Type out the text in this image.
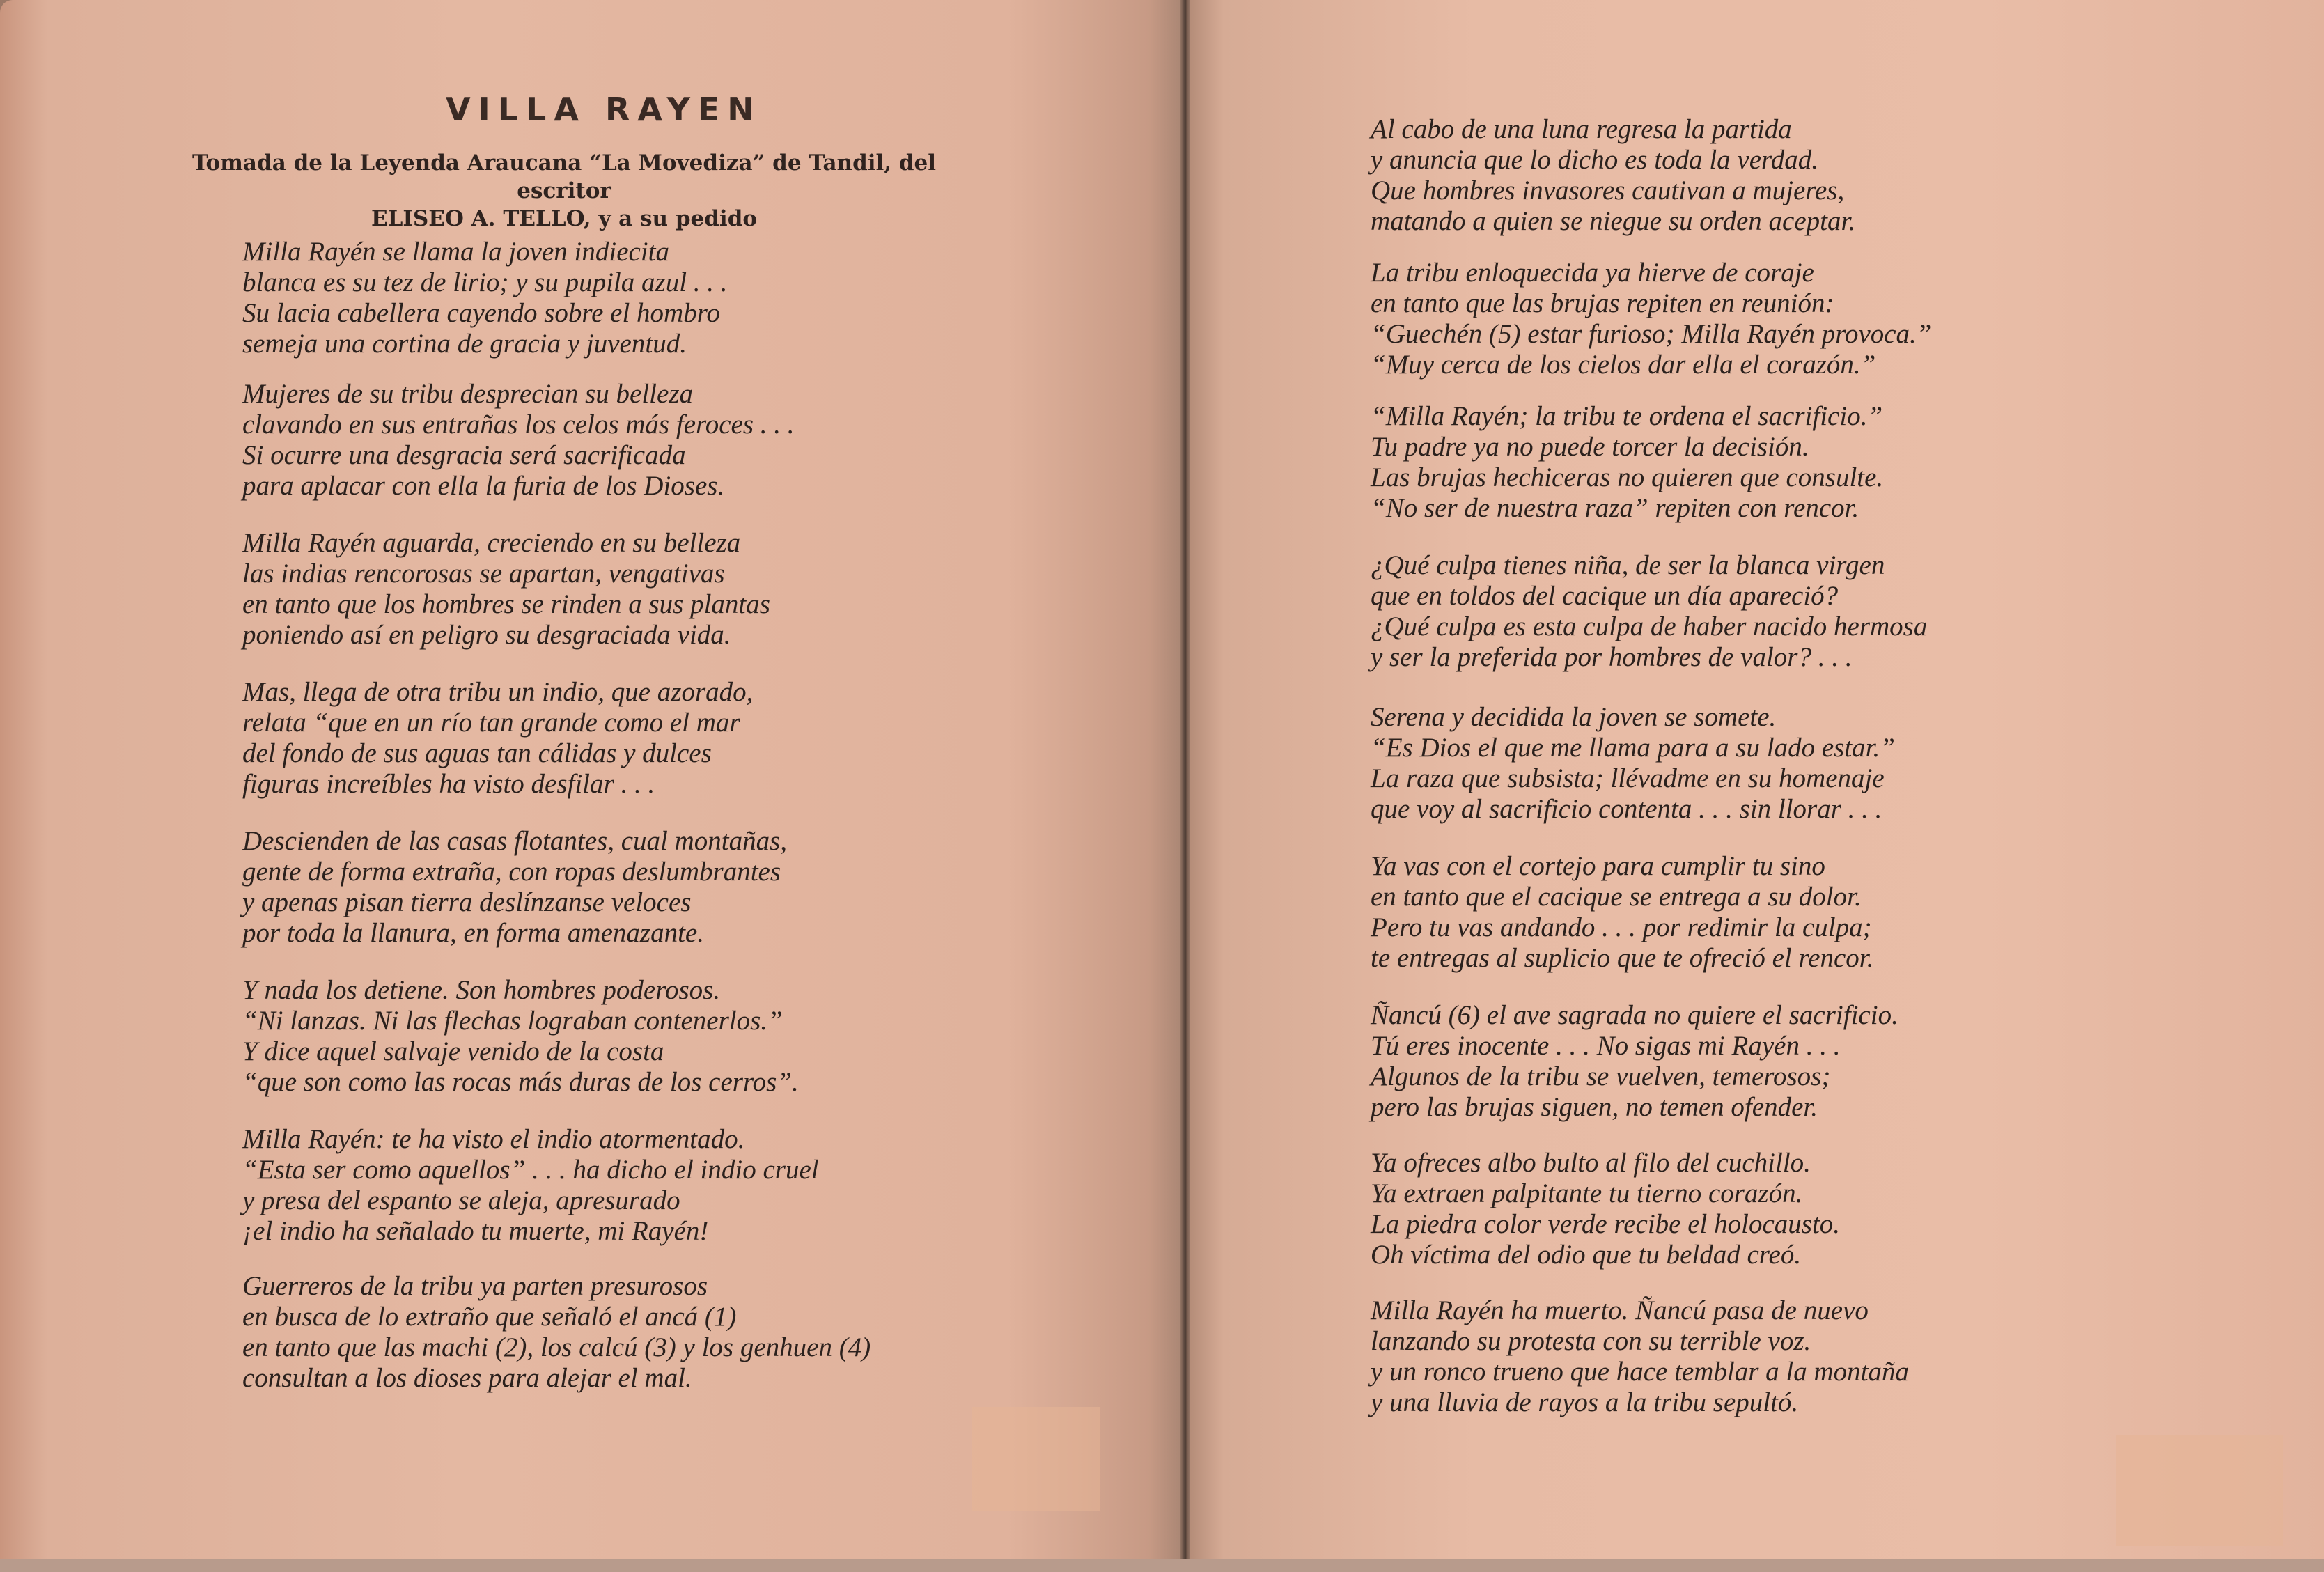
VILLA RAYEN
Tomada de la Leyenda Araucana “La Movediza” de Tandil, del escritor
ELISEO A. TELLO, y a su pedido
Milla Rayén se llama la joven indiecita
blanca es su tez de lirio; y su pupila azul . . .
Su lacia cabellera cayendo sobre el hombro
semeja una cortina de gracia y juventud.
Mujeres de su tribu desprecian su belleza
clavando en sus entrañas los celos más feroces . . .
Si ocurre una desgracia será sacrificada
para aplacar con ella la furia de los Dioses.
Milla Rayén aguarda, creciendo en su belleza
las indias rencorosas se apartan, vengativas
en tanto que los hombres se rinden a sus plantas
poniendo así en peligro su desgraciada vida.
Mas, llega de otra tribu un indio, que azorado,
relata “que en un río tan grande como el mar
del fondo de sus aguas tan cálidas y dulces
figuras increíbles ha visto desfilar . . .
Descienden de las casas flotantes, cual montañas,
gente de forma extraña, con ropas deslumbrantes
y apenas pisan tierra deslínzanse veloces
por toda la llanura, en forma amenazante.
Y nada los detiene. Son hombres poderosos.
“Ni lanzas. Ni las flechas lograban contenerlos.”
Y dice aquel salvaje venido de la costa
“que son como las rocas más duras de los cerros”.
Milla Rayén: te ha visto el indio atormentado.
“Esta ser como aquellos” . . . ha dicho el indio cruel
y presa del espanto se aleja, apresurado
¡el indio ha señalado tu muerte, mi Rayén!
Guerreros de la tribu ya parten presurosos
en busca de lo extraño que señaló el ancá (1)
en tanto que las machi (2), los calcú (3) y los genhuen (4)
consultan a los dioses para alejar el mal.
Al cabo de una luna regresa la partida
y anuncia que lo dicho es toda la verdad.
Que hombres invasores cautivan a mujeres,
matando a quien se niegue su orden aceptar.
La tribu enloquecida ya hierve de coraje
en tanto que las brujas repiten en reunión:
“Guechén (5) estar furioso; Milla Rayén provoca.”
“Muy cerca de los cielos dar ella el corazón.”
“Milla Rayén; la tribu te ordena el sacrificio.”
Tu padre ya no puede torcer la decisión.
Las brujas hechiceras no quieren que consulte.
“No ser de nuestra raza” repiten con rencor.
¿Qué culpa tienes niña, de ser la blanca virgen
que en toldos del cacique un día apareció?
¿Qué culpa es esta culpa de haber nacido hermosa
y ser la preferida por hombres de valor? . . .
Serena y decidida la joven se somete.
“Es Dios el que me llama para a su lado estar.”
La raza que subsista; llévadme en su homenaje
que voy al sacrificio contenta . . . sin llorar . . .
Ya vas con el cortejo para cumplir tu sino
en tanto que el cacique se entrega a su dolor.
Pero tu vas andando . . . por redimir la culpa;
te entregas al suplicio que te ofreció el rencor.
Ñancú (6) el ave sagrada no quiere el sacrificio.
Tú eres inocente . . . No sigas mi Rayén . . .
Algunos de la tribu se vuelven, temerosos;
pero las brujas siguen, no temen ofender.
Ya ofreces albo bulto al filo del cuchillo.
Ya extraen palpitante tu tierno corazón.
La piedra color verde recibe el holocausto.
Oh víctima del odio que tu beldad creó.
Milla Rayén ha muerto. Ñancú pasa de nuevo
lanzando su protesta con su terrible voz.
y un ronco trueno que hace temblar a la montaña
y una lluvia de rayos a la tribu sepultó.
